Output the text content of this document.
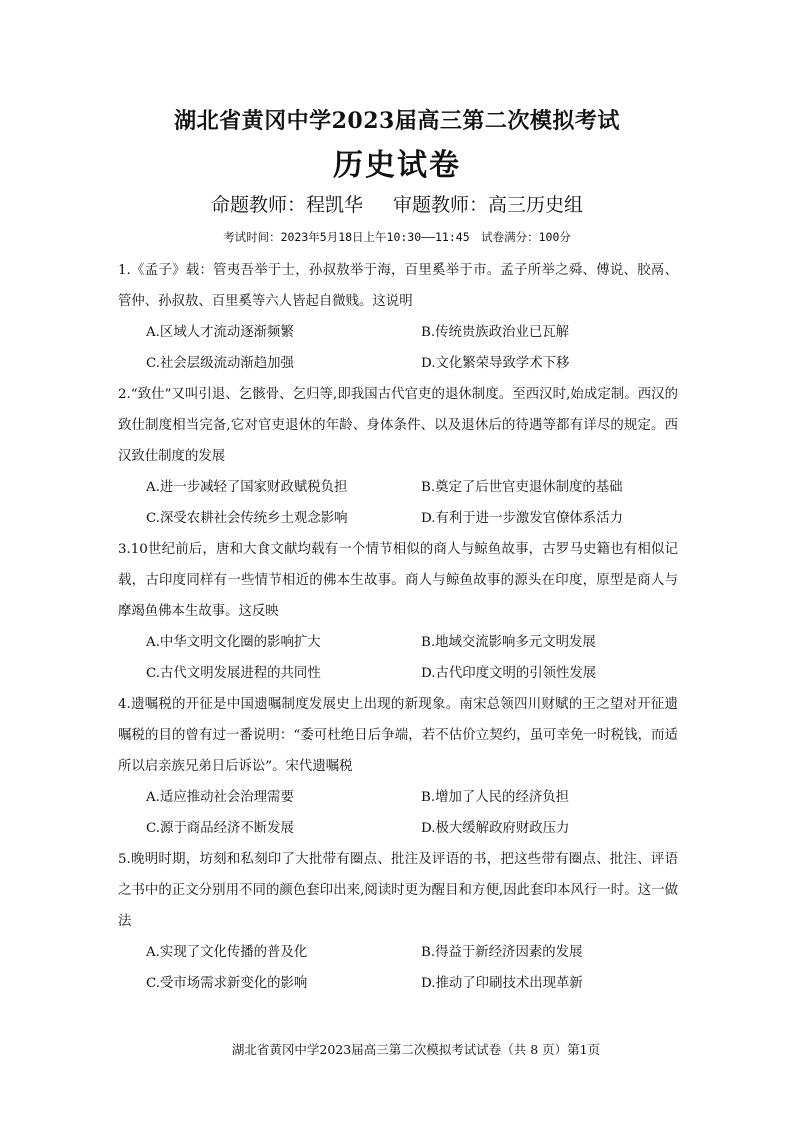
湖北省黄冈中学2023届高三第二次模拟考试
历史试卷
命题教师：程凯华 审题教师：高三历史组
考试时间：2023年5月18日上午10:30——11:45　试卷满分：100分

1.《孟子》载：管夷吾举于士，孙叔敖举于海，百里奚举于市。孟子所举之舜、傅说、胶鬲、管仲、孙叔敖、百里奚等六人皆起自微贱。这说明

A.区域人才流动逐渐频繁	B.传统贵族政治业已瓦解
C.社会层级流动渐趋加强	D.文化繁荣导致学术下移

2.“致仕”又叫引退、乞骸骨、乞归等,即我国古代官吏的退休制度。至西汉时,始成定制。西汉的致仕制度相当完备,它对官吏退休的年龄、身体条件、以及退休后的待遇等都有详尽的规定。西汉致仕制度的发展

A.进一步减轻了国家财政赋税负担	B.奠定了后世官吏退休制度的基础
C.深受农耕社会传统乡土观念影响	D.有利于进一步激发官僚体系活力

3.10世纪前后，唐和大食文献均载有一个情节相似的商人与鲸鱼故事，古罗马史籍也有相似记载，古印度同样有一些情节相近的佛本生故事。商人与鲸鱼故事的源头在印度，原型是商人与摩竭鱼佛本生故事。这反映

A.中华文明文化圈的影响扩大	B.地域交流影响多元文明发展
C.古代文明发展进程的共同性	D.古代印度文明的引领性发展

4.遗嘱税的开征是中国遗嘱制度发展史上出现的新现象。南宋总领四川财赋的王之望对开征遗嘱税的目的曾有过一番说明：“委可杜绝日后争端，若不估价立契约，虽可幸免一时税钱，而适所以启亲族兄弟日后诉讼”。宋代遗嘱税

A.适应推动社会治理需要	B.增加了人民的经济负担
C.源于商品经济不断发展	D.极大缓解政府财政压力

5.晚明时期，坊刻和私刻印了大批带有圈点、批注及评语的书，把这些带有圈点、批注、评语之书中的正文分别用不同的颜色套印出来,阅读时更为醒目和方便,因此套印本风行一时。这一做法

A.实现了文化传播的普及化	B.得益于新经济因素的发展
C.受市场需求新变化的影响	D.推动了印刷技术出现革新
湖北省黄冈中学2023届高三第二次模拟考试试卷（共 8 页）第1页
